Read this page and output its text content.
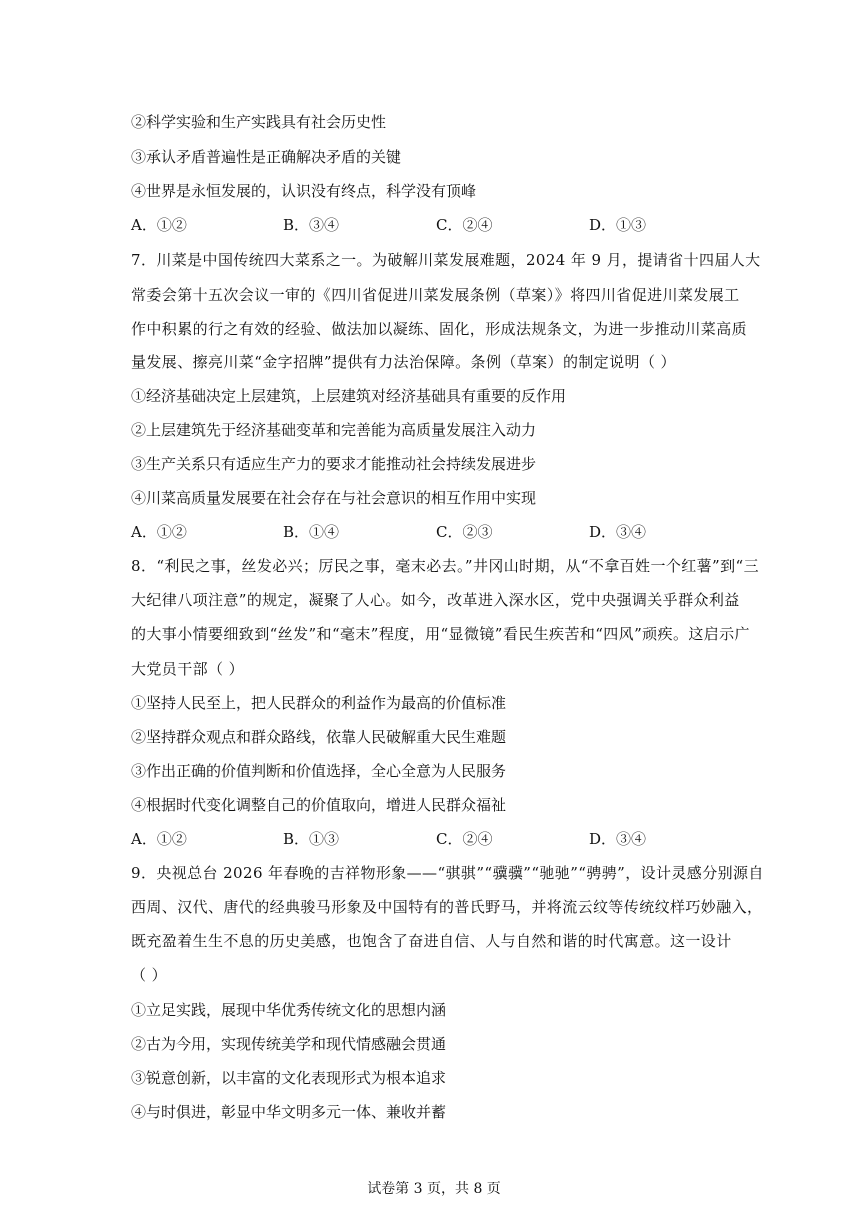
②科学实验和生产实践具有社会历史性
③承认矛盾普遍性是正确解决矛盾的关键
④世界是永恒发展的，认识没有终点，科学没有顶峰
A．①②	B．③④	C．②④	D．①③
7．川菜是中国传统四大菜系之一。为破解川菜发展难题，2024 年 9 月，提请省十四届人大
常委会第十五次会议一审的《四川省促进川菜发展条例（草案）》将四川省促进川菜发展工
作中积累的行之有效的经验、做法加以凝练、固化，形成法规条文，为进一步推动川菜高质
量发展、擦亮川菜“金字招牌”提供有力法治保障。条例（草案）的制定说明（ ）
①经济基础决定上层建筑，上层建筑对经济基础具有重要的反作用
②上层建筑先于经济基础变革和完善能为高质量发展注入动力
③生产关系只有适应生产力的要求才能推动社会持续发展进步
④川菜高质量发展要在社会存在与社会意识的相互作用中实现
A．①②	B．①④	C．②③	D．③④
8．“利民之事，丝发必兴；厉民之事，毫末必去。”井冈山时期，从“不拿百姓一个红薯”到“三
大纪律八项注意”的规定，凝聚了人心。如今，改革进入深水区，党中央强调关乎群众利益
的大事小情要细致到“丝发”和“毫末”程度，用“显微镜”看民生疾苦和“四风”顽疾。这启示广
大党员干部（ ）
①坚持人民至上，把人民群众的利益作为最高的价值标准
②坚持群众观点和群众路线，依靠人民破解重大民生难题
③作出正确的价值判断和价值选择，全心全意为人民服务
④根据时代变化调整自己的价值取向，增进人民群众福祉
A．①②	B．①③	C．②④	D．③④
9．央视总台 2026 年春晚的吉祥物形象——“骐骐”“骥骥”“驰驰”“骋骋”，设计灵感分别源自
西周、汉代、唐代的经典骏马形象及中国特有的普氏野马，并将流云纹等传统纹样巧妙融入，
既充盈着生生不息的历史美感，也饱含了奋进自信、人与自然和谐的时代寓意。这一设计
（ ）
①立足实践，展现中华优秀传统文化的思想内涵
②古为今用，实现传统美学和现代情感融会贯通
③锐意创新，以丰富的文化表现形式为根本追求
④与时俱进，彰显中华文明多元一体、兼收并蓄
试卷第 3 页，共 8 页
